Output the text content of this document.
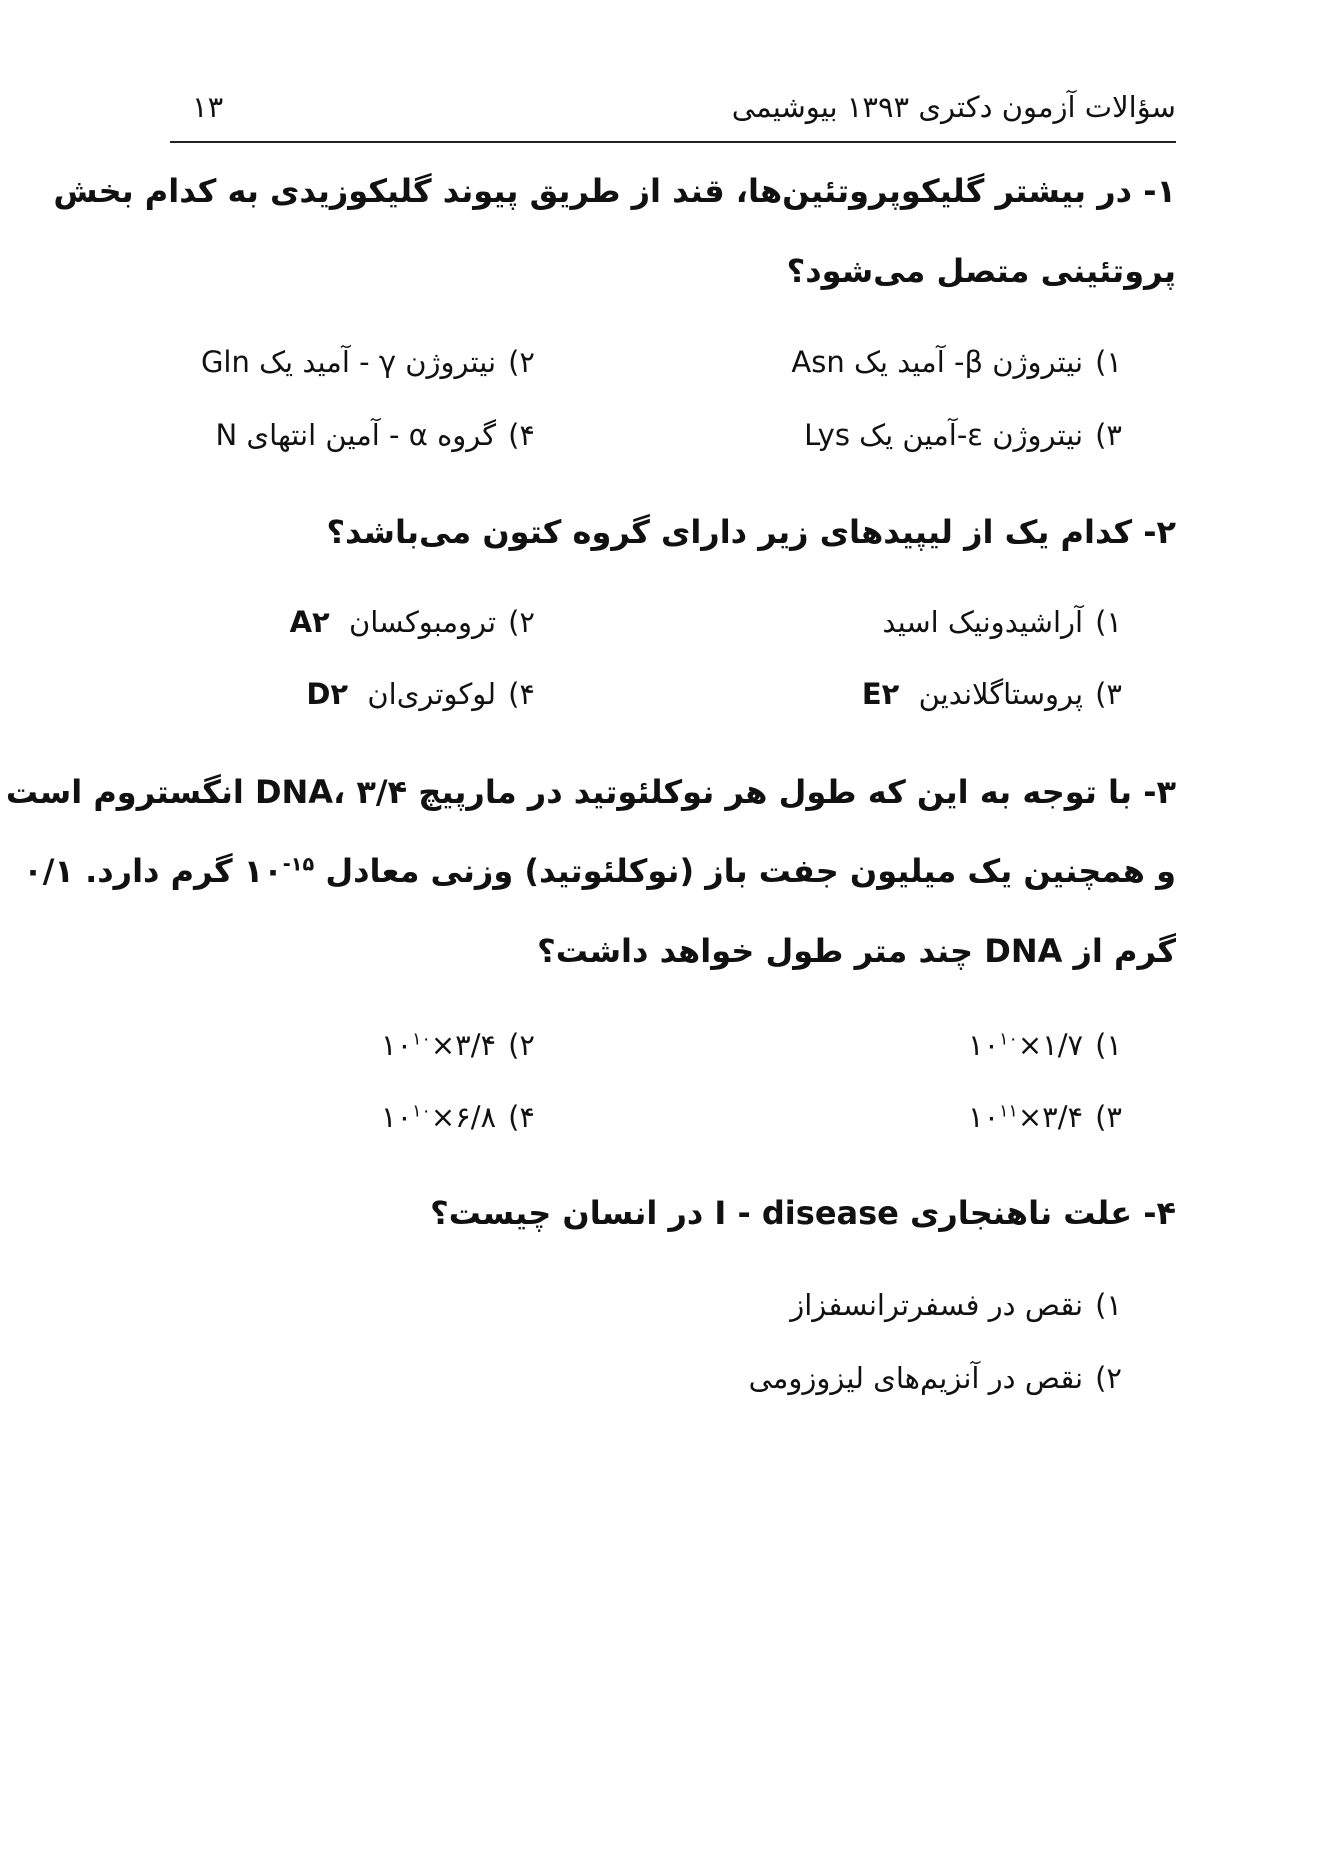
سؤالات آزمون دکتری ۱۳۹۳ بیوشیمی
۱۳
۱- در بیشتر گلیکوپروتئین‌ها، قند از طریق پیوند گلیکوزیدی به کدام بخش
پروتئینی متصل می‌شود؟
۱)نیتروژن β- آمید یک Asn
۲)نیتروژن γ - آمید یک Gln
۳)نیتروژن ε-آمین یک Lys
۴)گروه α - آمین انتهای N
۲- کدام یک از لیپیدهای زیر دارای گروه کتون می‌باشد؟
۱)آراشیدونیک اسید
۲)ترومبوکسان A۲
۳)پروستاگلاندین E۲
۴)لوکوتری‌ان D۲
۳- با توجه به این که طول هر نوکلئوتید در مارپیچ DNA، ۳/۴ انگستروم است
و همچنین یک میلیون جفت باز (نوکلئوتید) وزنی معادل $۱۰^{-۱۵}$ گرم دارد. ۰/۱
گرم از DNA چند متر طول خواهد داشت؟
$۱)۱/۷\times ۱۰^{۱۰}$
$۲)۳/۴\times ۱۰^{۱۰}$
$۳)۳/۴\times ۱۰^{۱۱}$
$۴)۶/۸\times ۱۰^{۱۰}$
۴- علت ناهنجاری I - disease در انسان چیست؟
۱)نقص در فسفرترانسفزاز
۲)نقص در آنزیم‌های لیزوزومی
